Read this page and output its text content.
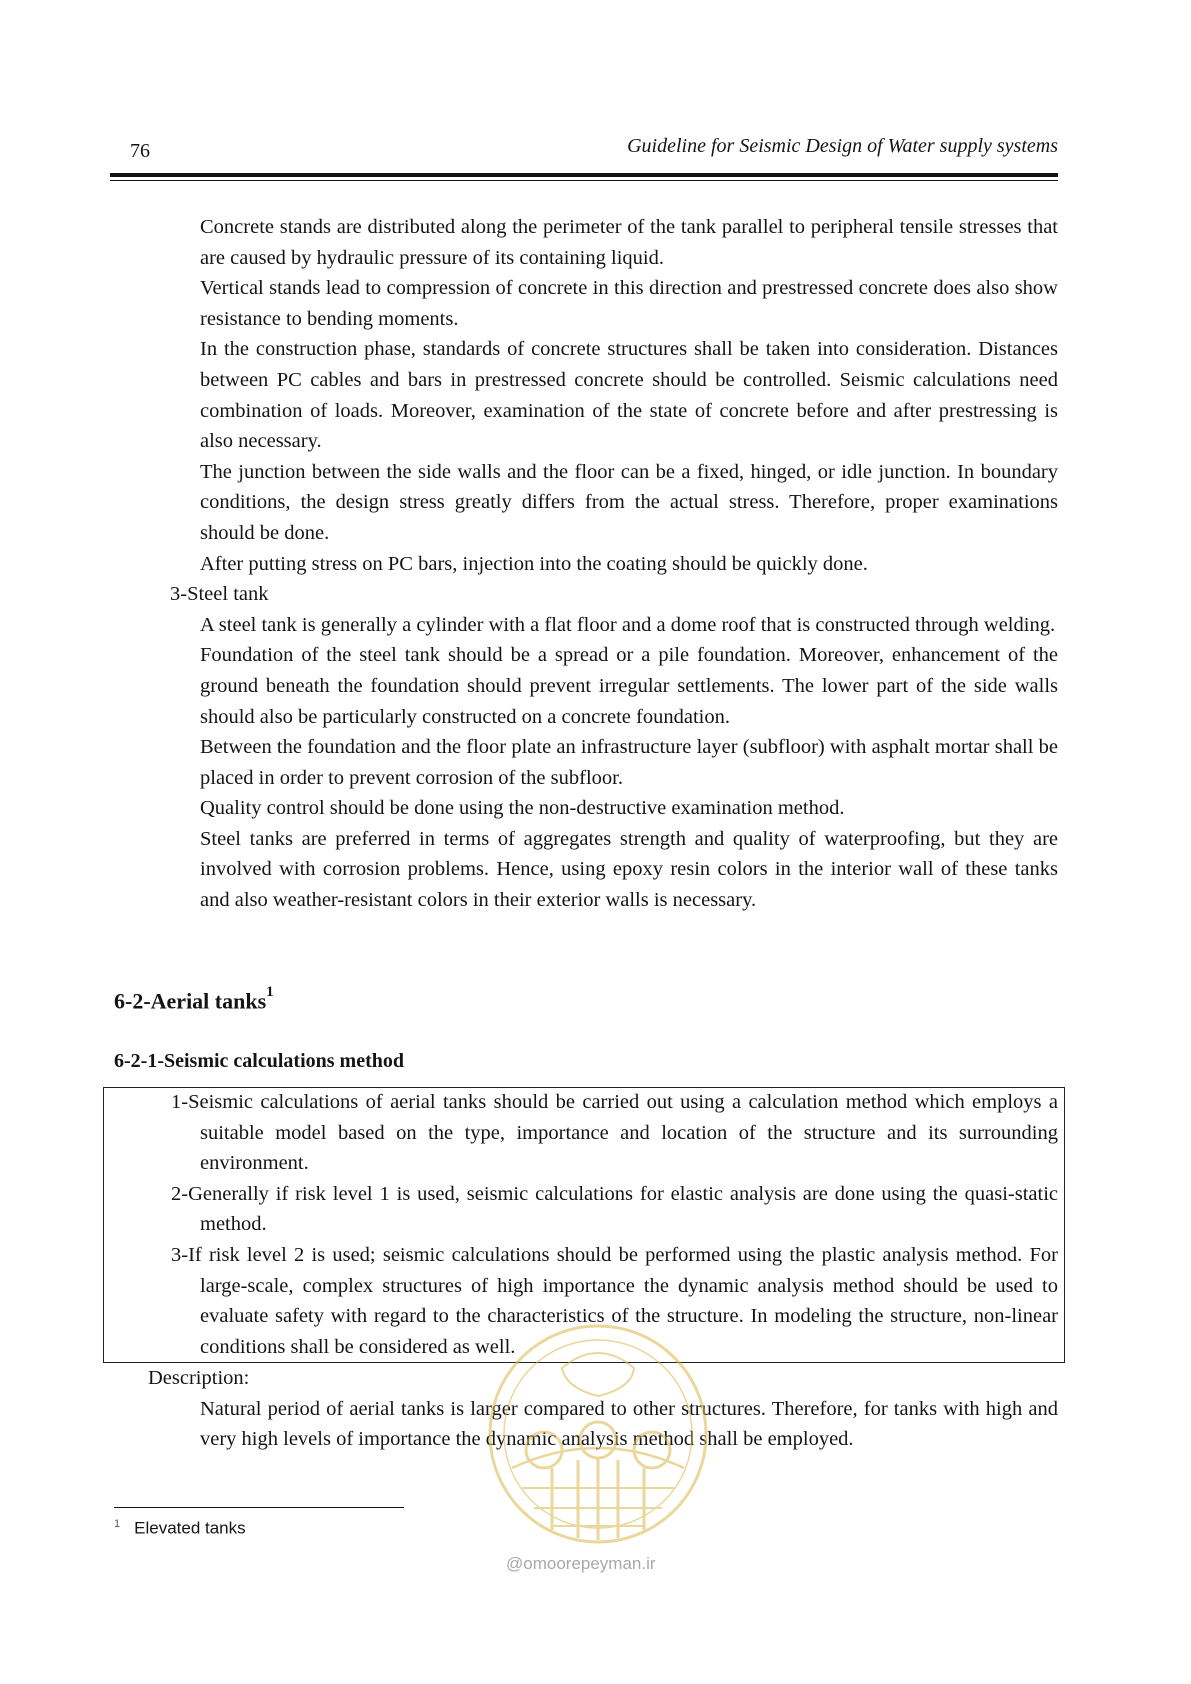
76	Guideline for Seismic Design of Water supply systems

Concrete stands are distributed along the perimeter of the tank parallel to peripheral tensile stresses that are caused by hydraulic pressure of its containing liquid.

Vertical stands lead to compression of concrete in this direction and prestressed concrete does also show resistance to bending moments.

In the construction phase, standards of concrete structures shall be taken into consideration. Distances between PC cables and bars in prestressed concrete should be controlled. Seismic calculations need combination of loads. Moreover, examination of the state of concrete before and after prestressing is also necessary.

The junction between the side walls and the floor can be a fixed, hinged, or idle junction. In boundary conditions, the design stress greatly differs from the actual stress. Therefore, proper examinations should be done.

After putting stress on PC bars, injection into the coating should be quickly done.

3-Steel tank

A steel tank is generally a cylinder with a flat floor and a dome roof that is constructed through welding.

Foundation of the steel tank should be a spread or a pile foundation. Moreover, enhancement of the ground beneath the foundation should prevent irregular settlements. The lower part of the side walls should also be particularly constructed on a concrete foundation.

Between the foundation and the floor plate an infrastructure layer (subfloor) with asphalt mortar shall be placed in order to prevent corrosion of the subfloor.

Quality control should be done using the non-destructive examination method.

Steel tanks are preferred in terms of aggregates strength and quality of waterproofing, but they are involved with corrosion problems. Hence, using epoxy resin colors in the interior wall of these tanks and also weather-resistant colors in their exterior walls is necessary.

6-2-Aerial tanks$^1$
6-2-1-Seismic calculations method

1-Seismic calculations of aerial tanks should be carried out using a calculation method which employs a suitable model based on the type, importance and location of the structure and its surrounding environment.

2-Generally if risk level 1 is used, seismic calculations for elastic analysis are done using the quasi-static method.

3-If risk level 2 is used; seismic calculations should be performed using the plastic analysis method. For large-scale, complex structures of high importance the dynamic analysis method should be used to evaluate safety with regard to the characteristics of the structure. In modeling the structure, non-linear conditions shall be considered as well.

Description:

Natural period of aerial tanks is larger compared to other structures. Therefore, for tanks with high and very high levels of importance the dynamic analysis method shall be employed.

@omoorepeyman.ir
$^1$ Elevated tanks
